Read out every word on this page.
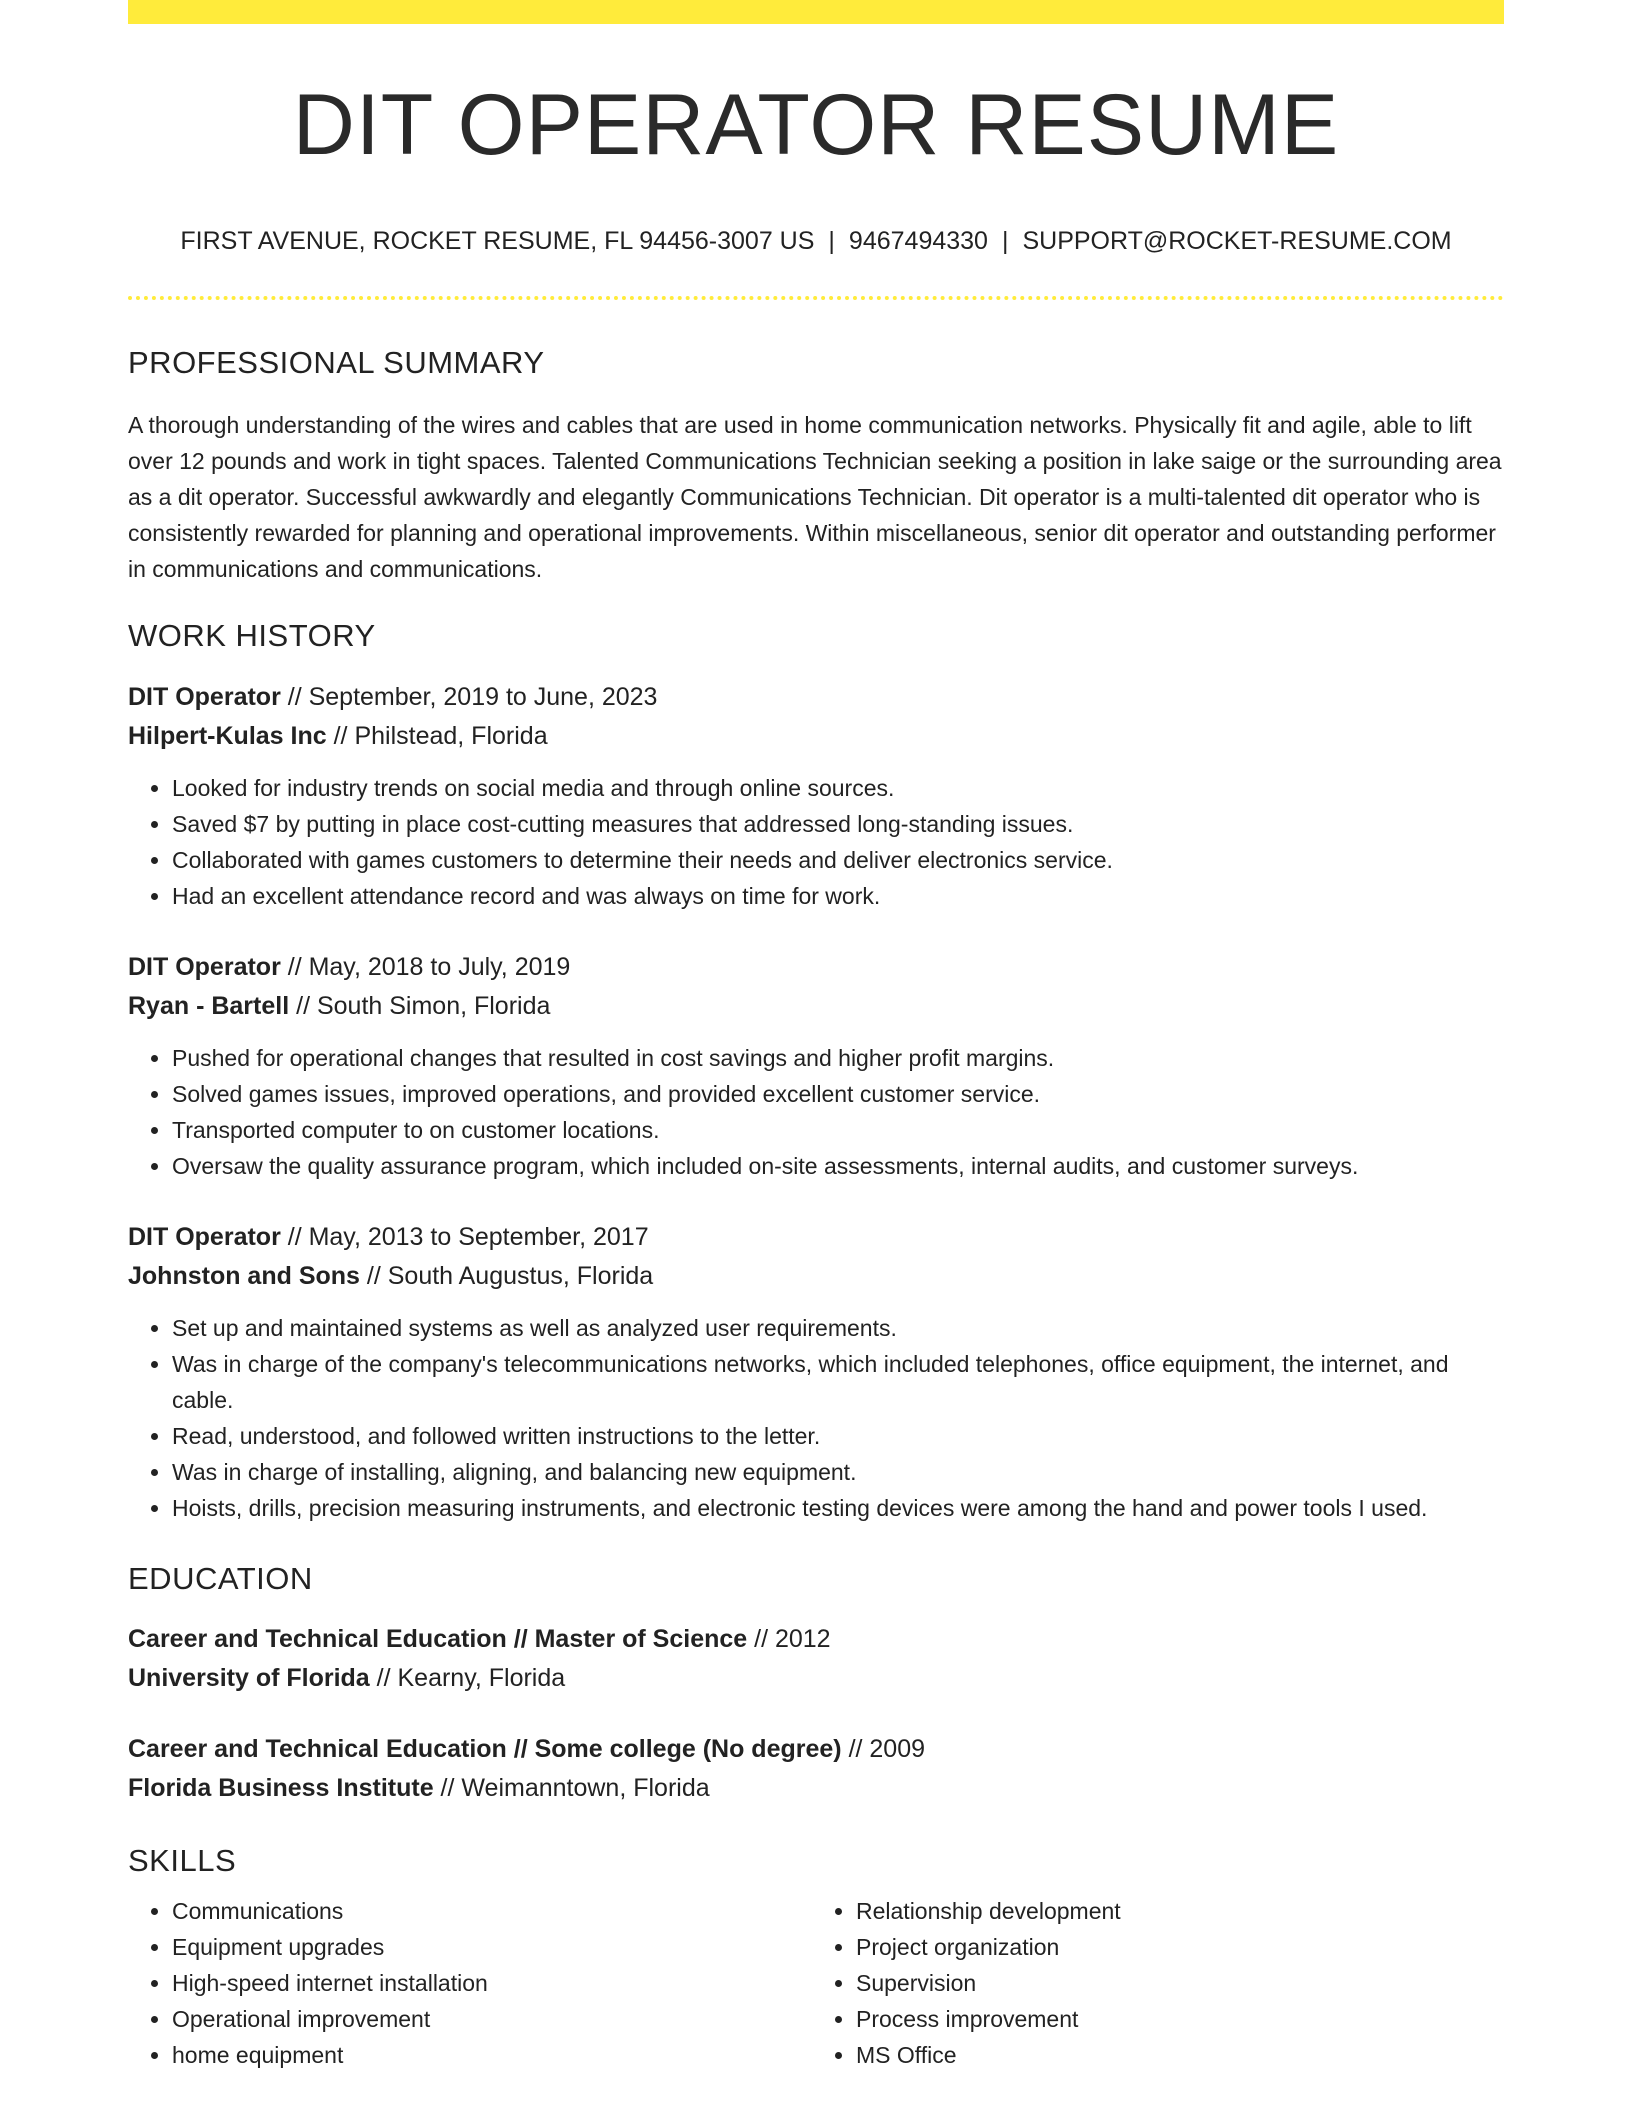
DIT OPERATOR RESUME
FIRST AVENUE, ROCKET RESUME, FL 94456-3007 US | 9467494330 | SUPPORT@ROCKET-RESUME.COM
PROFESSIONAL SUMMARY

A thorough understanding of the wires and cables that are used in home communication networks. Physically fit and agile, able to lift over 12 pounds and work in tight spaces. Talented Communications Technician seeking a position in lake saige or the surrounding area as a dit operator. Successful awkwardly and elegantly Communications Technician. Dit operator is a multi-talented dit operator who is consistently rewarded for planning and operational improvements. Within miscellaneous, senior dit operator and outstanding performer in communications and communications.

WORK HISTORY
DIT Operator // September, 2019 to June, 2023
Hilpert-Kulas Inc // Philstead, Florida
• Looked for industry trends on social media and through online sources.
• Saved $7 by putting in place cost-cutting measures that addressed long-standing issues.
• Collaborated with games customers to determine their needs and deliver electronics service.
• Had an excellent attendance record and was always on time for work.
DIT Operator // May, 2018 to July, 2019
Ryan - Bartell // South Simon, Florida
• Pushed for operational changes that resulted in cost savings and higher profit margins.
• Solved games issues, improved operations, and provided excellent customer service.
• Transported computer to on customer locations.
• Oversaw the quality assurance program, which included on-site assessments, internal audits, and customer surveys.
DIT Operator // May, 2013 to September, 2017
Johnston and Sons // South Augustus, Florida
• Set up and maintained systems as well as analyzed user requirements.
• Was in charge of the company's telecommunications networks, which included telephones, office equipment, the internet, and cable.
• Read, understood, and followed written instructions to the letter.
• Was in charge of installing, aligning, and balancing new equipment.
• Hoists, drills, precision measuring instruments, and electronic testing devices were among the hand and power tools I used.
EDUCATION
Career and Technical Education // Master of Science // 2012
University of Florida // Kearny, Florida
Career and Technical Education // Some college (No degree) // 2009
Florida Business Institute // Weimanntown, Florida
SKILLS
• Communications
• Equipment upgrades
• High-speed internet installation
• Operational improvement
• home equipment
• Relationship development
• Project organization
• Supervision
• Process improvement
• MS Office
